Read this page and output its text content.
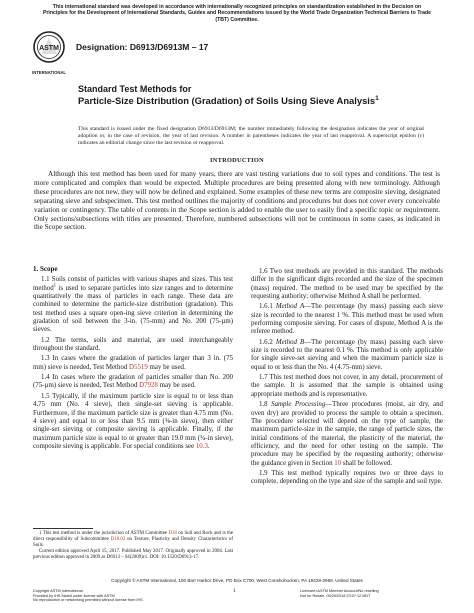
This international standard was developed in accordance with internationally recognized principles on standardization established in the Decision on Principles for the Development of International Standards, Guides and Recommendations issued by the World Trade Organization Technical Barriers to Trade (TBT) Committee.
ASTM
INTERNATIONAL
Designation: D6913/D6913M – 17
Standard Test Methods for
Particle-Size Distribution (Gradation) of Soils Using Sieve Analysis$^1$
This standard is issued under the fixed designation D6913/D6913M; the number immediately following the designation indicates the year of original adoption or, in the case of revision, the year of last revision. A number in parentheses indicates the year of last reapproval. A superscript epsilon (ε) indicates an editorial change since the last revision or reapproval.
INTRODUCTION

Although this test method has been used for many years, there are vast testing variations due to soil types and conditions. The test is more complicated and complex than would be expected. Multiple procedures are being presented along with new terminology. Although these procedures are not new, they will now be defined and explained. Some examples of these new terms are composite sieving, designated separating sieve and subspecimen. This test method outlines the majority of conditions and procedures but does not cover every conceivable variation or contingency. The table of contents in the Scope section is added to enable the user to easily find a specific topic or requirement. Only sections/subsections with titles are presented. Therefore, numbered subsections will not be continuous in some cases, as indicated in the Scope section.

1. Scope

1.1 Soils consist of particles with various shapes and sizes. This test method$^1$ is used to separate particles into size ranges and to determine quantitatively the mass of particles in each range. These data are combined to determine the particle-size distribution (gradation). This test method uses a square open-ing sieve criterion in determining the gradation of soil between the 3-in. (75-mm) and No. 200 (75-µm) sieves.

1.2 The terms, soils and material, are used interchangeably throughout the standard.

1.3 In cases where the gradation of particles larger than 3 in. (75 mm) sieve is needed, Test Method D5519 may be used.

1.4 In cases where the gradation of particles smaller than No. 200 (75-µm) sieve is needed, Test Method D7928 may be used.

1.5 Typically, if the maximum particle size is equal to or less than 4.75 mm (No. 4 sieve), then single-set sieving is applicable. Furthermore, if the maximum particle size is greater than 4.75 mm (No. 4 sieve) and equal to or less than 9.5 mm (⅜-in sieve), then either single-set sieving or composite sieving is applicable. Finally, if the maximum particle size is equal to or greater than 19.0 mm (¾-in sieve), composite sieving is applicable. For special conditions see 10.3.

1 This test method is under the jurisdiction of ASTM Committee D18 on Soil and Rock and is the direct responsibility of Subcommittee D18.03 on Texture, Plasticity and Density Characteristics of Soils.

Current edition approved April 15, 2017. Published May 2017. Originally approved in 2004. Last previous edition approved in 2009 as D6913 – 04(2009)ε1. DOI: 10.1520/D6913-17.

1.6 Two test methods are provided in this standard. The methods differ in the significant digits recorded and the size of the specimen (mass) required. The method to be used may be specified by the requesting authority; otherwise Method A shall be performed.

1.6.1 Method A—The percentage (by mass) passing each sieve size is recorded to the nearest 1 %. This method must be used when performing composite sieving. For cases of dispute, Method A is the referee method.

1.6.2 Method B—The percentage (by mass) passing each sieve size is recorded to the nearest 0.1 %. This method is only applicable for single sieve-set sieving and when the maximum particle size is equal to or less than the No. 4 (4.75-mm) sieve.

1.7 This test method does not cover, in any detail, procurement of the sample. It is assumed that the sample is obtained using appropriate methods and is representative.

1.8 Sample Processing—Three procedures (moist, air dry, and oven dry) are provided to process the sample to obtain a specimen. The procedure selected will depend on the type of sample, the maximum particle-size in the sample, the range of particle sizes, the initial conditions of the material, the plasticity of the material, the efficiency, and the need for other testing on the sample. The procedure may be specified by the requesting authority; otherwise the guidance given in Section 10 shall be followed.

1.9 This test method typically requires two or three days to complete, depending on the type and size of the sample and soil type.

Copyright © ASTM International, 100 Barr Harbor Drive, PO Box C700, West Conshohocken, PA 19428-2959. United States
1
Copyright ASTM International
Provided by IHS Markit under license with ASTM
No reproduction or networking permitted without license from IHS
Licensee=ASTM Member Account/No reselling
Not for Resale, 05/29/2018 23:07:12 MDT
